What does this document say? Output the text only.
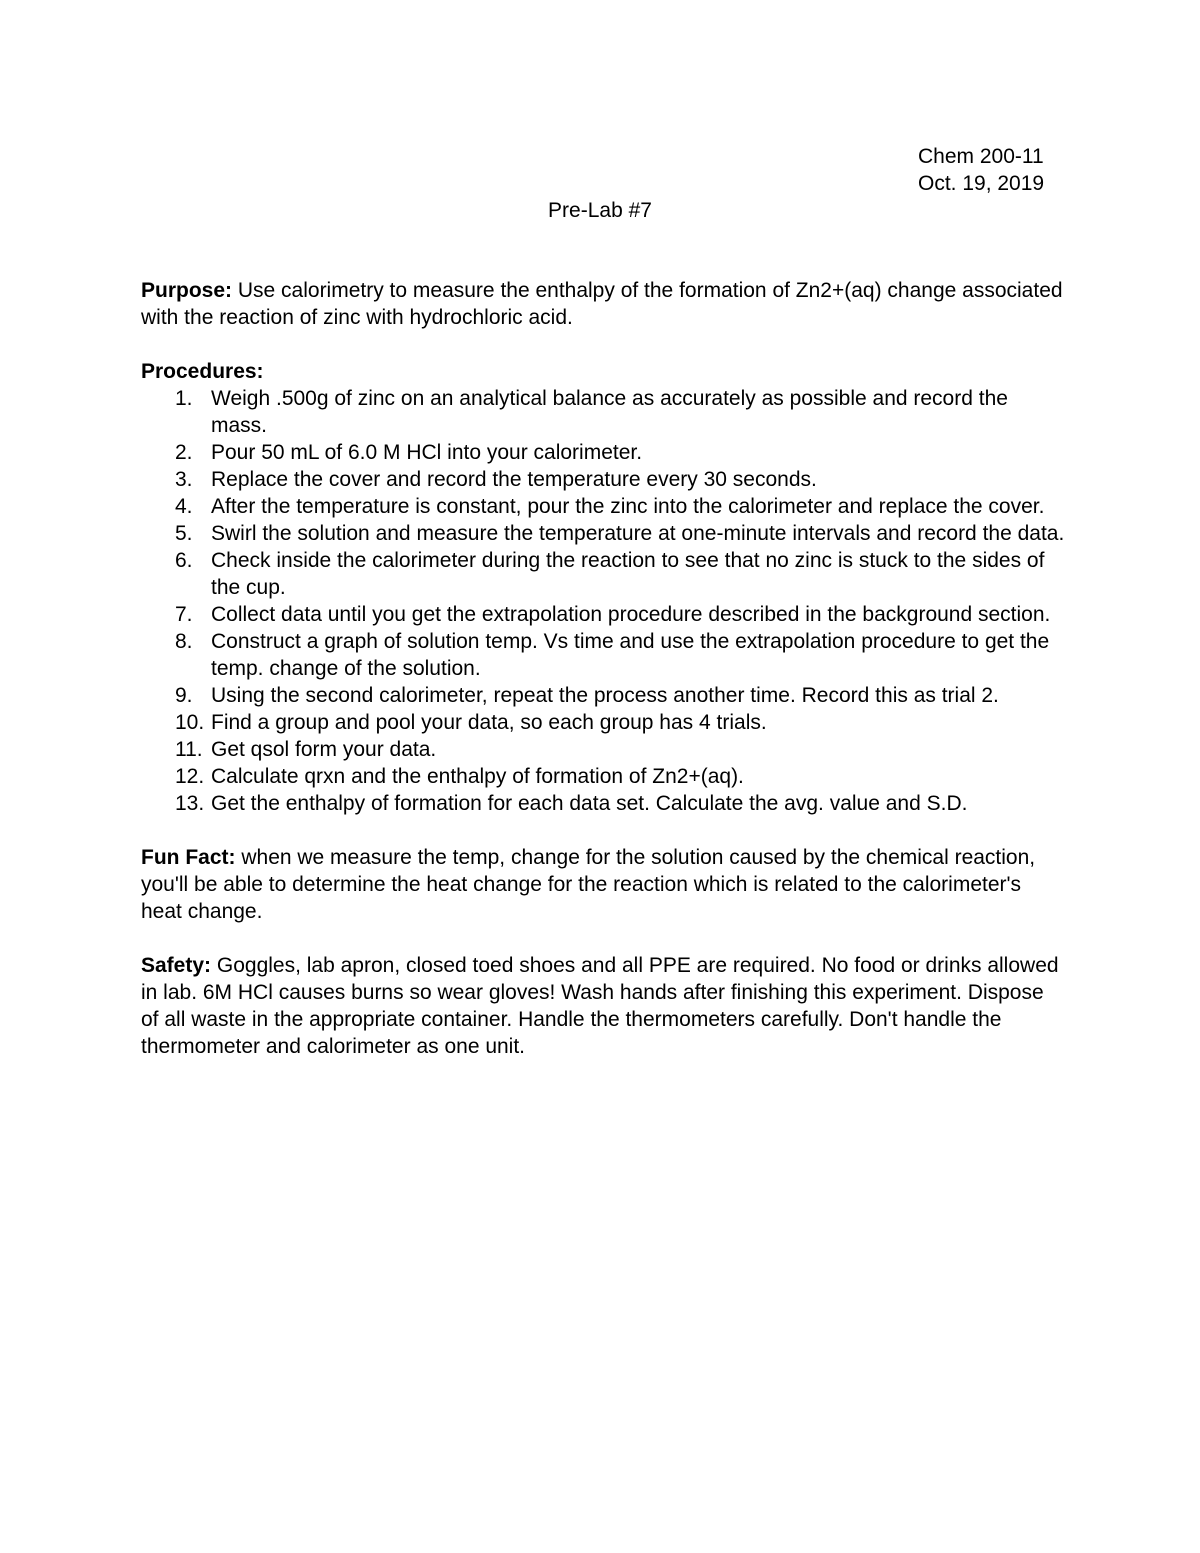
Chem 200-11
Oct. 19, 2019
Pre-Lab #7

Purpose: Use calorimetry to measure the enthalpy of the formation of Zn2+(aq) change associated with the reaction of zinc with hydrochloric acid.

Procedures:
1. Weigh .500g of zinc on an analytical balance as accurately as possible and record the mass.
2. Pour 50 mL of 6.0 M HCl into your calorimeter.
3. Replace the cover and record the temperature every 30 seconds.
4. After the temperature is constant, pour the zinc into the calorimeter and replace the cover.
5. Swirl the solution and measure the temperature at one-minute intervals and record the data.
6. Check inside the calorimeter during the reaction to see that no zinc is stuck to the sides of the cup.
7. Collect data until you get the extrapolation procedure described in the background section.
8. Construct a graph of solution temp. Vs time and use the extrapolation procedure to get the temp. change of the solution.
9. Using the second calorimeter, repeat the process another time. Record this as trial 2.
10. Find a group and pool your data, so each group has 4 trials.
11. Get qsol form your data.
12. Calculate qrxn and the enthalpy of formation of Zn2+(aq).
13. Get the enthalpy of formation for each data set. Calculate the avg. value and S.D.

Fun Fact: when we measure the temp, change for the solution caused by the chemical reaction, you'll be able to determine the heat change for the reaction which is related to the calorimeter's heat change.

Safety: Goggles, lab apron, closed toed shoes and all PPE are required. No food or drinks allowed in lab. 6M HCl causes burns so wear gloves! Wash hands after finishing this experiment. Dispose of all waste in the appropriate container. Handle the thermometers carefully. Don't handle the thermometer and calorimeter as one unit.
